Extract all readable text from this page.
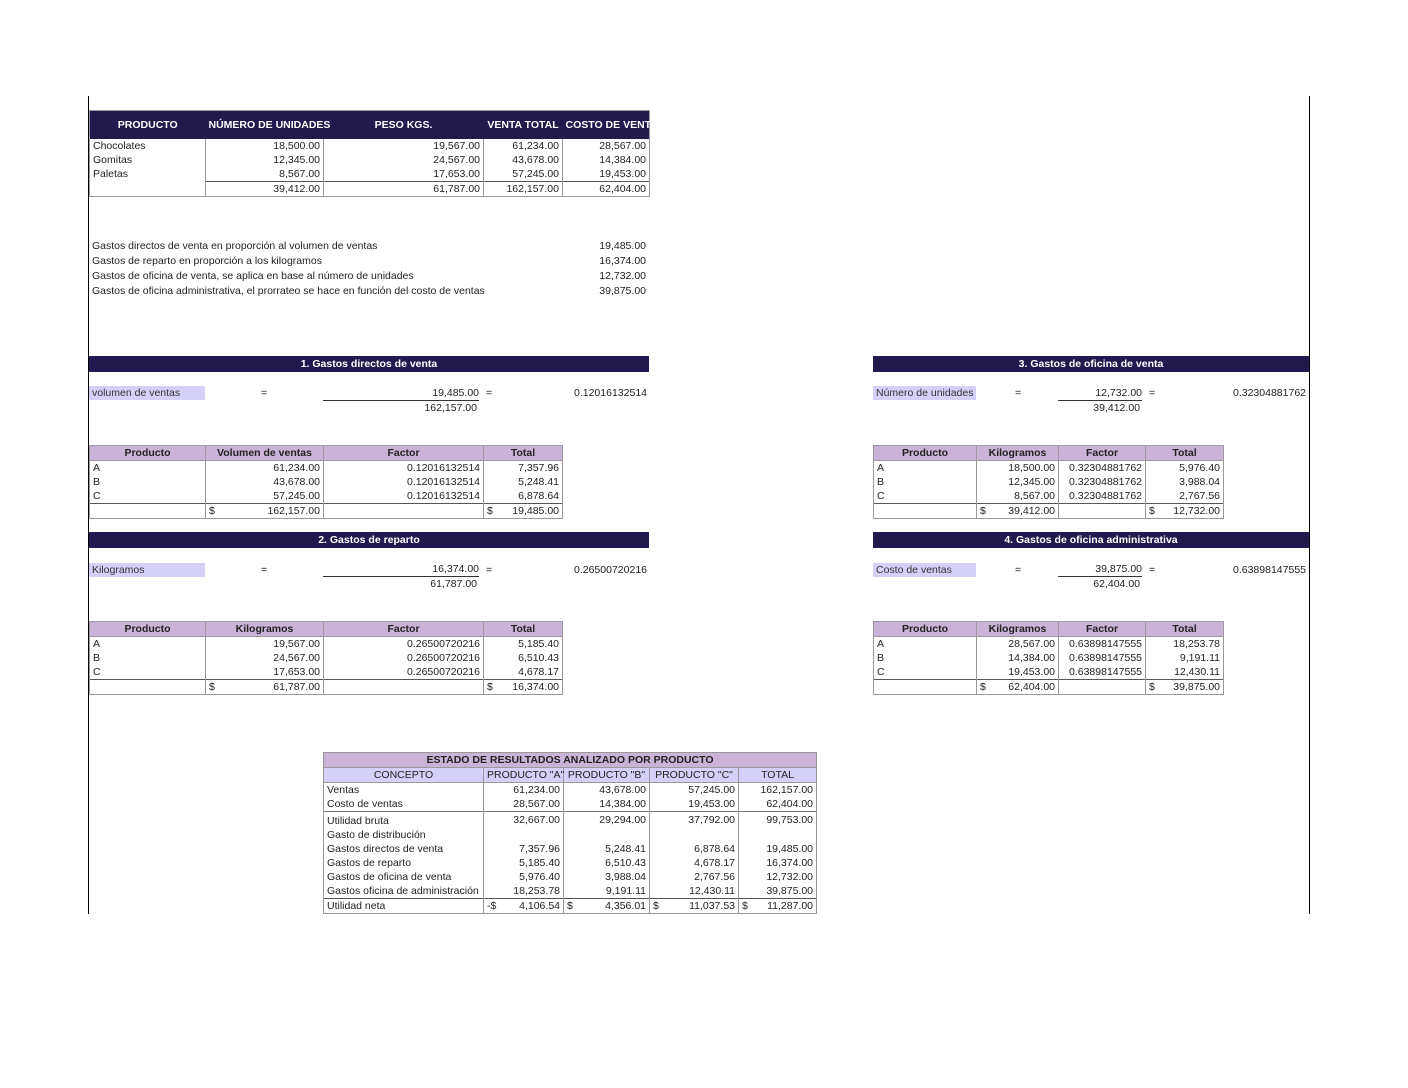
PRODUCTO	NÚMERO DE UNIDADES	PESO KGS.	VENTA TOTAL	COSTO DE VENTAS
Chocolates	18,500.00	19,567.00	61,234.00	28,567.00
Gomitas	12,345.00	24,567.00	43,678.00	14,384.00
Paletas	8,567.00	17,653.00	57,245.00	19,453.00
	39,412.00	61,787.00	162,157.00	62,404.00
Gastos directos de venta en proporción al volumen de ventas	19,485.00
Gastos de reparto en proporción a los kilogramos	16,374.00
Gastos de oficina de venta, se aplica en base al número de unidades	12,732.00
Gastos de oficina administrativa, el prorrateo se hace en función del costo de ventas	39,875.00
1. Gastos directos de venta
volumen de ventas	=	19,485.00 =
162,157.00
0.12016132514
Producto	Volumen de ventas	Factor	Total
A	61,234.00	0.12016132514	7,357.96
B	43,678.00	0.12016132514	5,248.41
C	57,245.00	0.12016132514	6,878.64

	$ 162,157.00		$ 19,485.00
2. Gastos de reparto
Kilogramos	=	16,374.00 =
61,787.00
0.26500720216
Producto	Kilogramos	Factor	Total
A	19,567.00	0.26500720216	5,185.40
B	24,567.00	0.26500720216	6,510.43
C	17,653.00	0.26500720216	4,678.17

	$ 61,787.00		$ 16,374.00
3. Gastos de oficina de venta
Número de unidades	=	12,732.00 =
39,412.00
0.32304881762
Producto	Kilogramos	Factor	Total
A	18,500.00	0.32304881762	5,976.40
B	12,345.00	0.32304881762	3,988.04
C	8,567.00	0.32304881762	2,767.56

	$ 39,412.00		$ 12,732.00
4. Gastos de oficina administrativa
Costo de ventas	=	39,875.00 =
62,404.00
0.63898147555
Producto	Kilogramos	Factor	Total
A	28,567.00	0.63898147555	18,253.78
B	14,384.00	0.63898147555	9,191.11
C	19,453.00	0.63898147555	12,430.11

	$ 62,404.00		$ 39,875.00
ESTADO DE RESULTADOS ANALIZADO POR PRODUCTO				
CONCEPTO	PRODUCTO "A"	PRODUCTO "B"	PRODUCTO "C"	TOTAL
Ventas	61,234.00	43,678.00	57,245.00	162,157.00
Costo de ventas	28,567.00	14,384.00	19,453.00	62,404.00
Utilidad bruta	32,667.00	29,294.00	37,792.00	99,753.00
Gasto de distribución				
Gastos directos de venta	7,357.96	5,248.41	6,878.64	19,485.00
Gastos de reparto	5,185.40	6,510.43	4,678.17	16,374.00
Gastos de oficina de venta	5,976.40	3,988.04	2,767.56	12,732.00
Gastos oficina de administración	18,253.78	9,191.11	12,430.11	39,875.00
Utilidad neta	-$ 4,106.54	$ 4,356.01	$ 11,037.53	$ 11,287.00
